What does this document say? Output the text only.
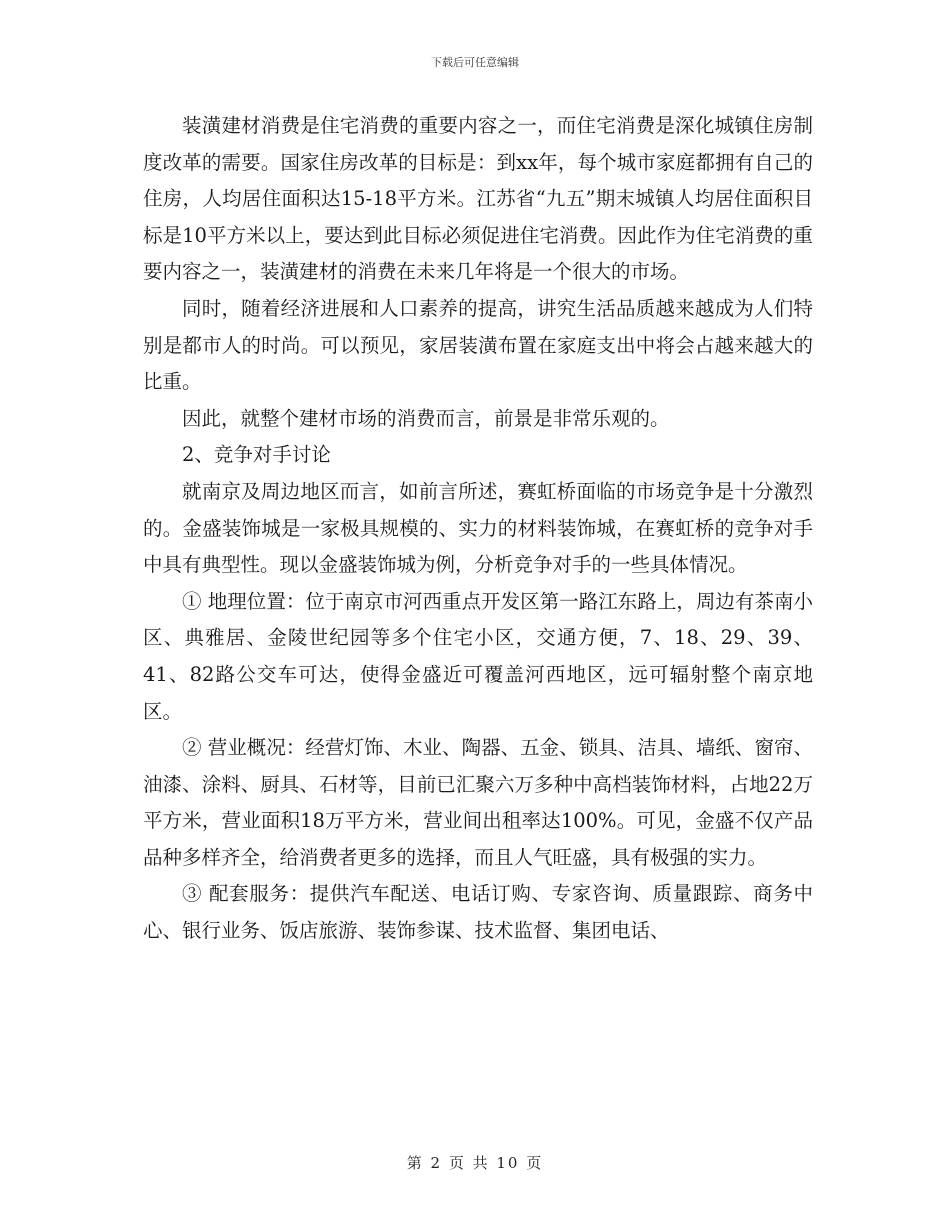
下载后可任意编辑

装潢建材消费是住宅消费的重要内容之一，而住宅消费是深化城镇住房制度改革的需要。国家住房改革的目标是：到xx年，每个城市家庭都拥有自己的住房，人均居住面积达15-18平方米。江苏省“九五”期末城镇人均居住面积目标是10平方米以上，要达到此目标必须促进住宅消费。因此作为住宅消费的重要内容之一，装潢建材的消费在未来几年将是一个很大的市场。

同时，随着经济进展和人口素养的提高，讲究生活品质越来越成为人们特别是都市人的时尚。可以预见，家居装潢布置在家庭支出中将会占越来越大的比重。

因此，就整个建材市场的消费而言，前景是非常乐观的。

2、竞争对手讨论

就南京及周边地区而言，如前言所述，赛虹桥面临的市场竞争是十分激烈的。金盛装饰城是一家极具规模的、实力的材料装饰城，在赛虹桥的竞争对手中具有典型性。现以金盛装饰城为例，分析竞争对手的一些具体情况。

① 地理位置：位于南京市河西重点开发区第一路江东路上，周边有茶南小区、典雅居、金陵世纪园等多个住宅小区，交通方便，7、18、29、39、41、82路公交车可达，使得金盛近可覆盖河西地区，远可辐射整个南京地区。

② 营业概况：经营灯饰、木业、陶器、五金、锁具、洁具、墙纸、窗帘、油漆、涂料、厨具、石材等，目前已汇聚六万多种中高档装饰材料，占地22万平方米，营业面积18万平方米，营业间出租率达100%。可见，金盛不仅产品品种多样齐全，给消费者更多的选择，而且人气旺盛，具有极强的实力。

③ 配套服务：提供汽车配送、电话订购、专家咨询、质量跟踪、商务中心、银行业务、饭店旅游、装饰参谋、技术监督、集团电话、

第 2 页 共 10 页
